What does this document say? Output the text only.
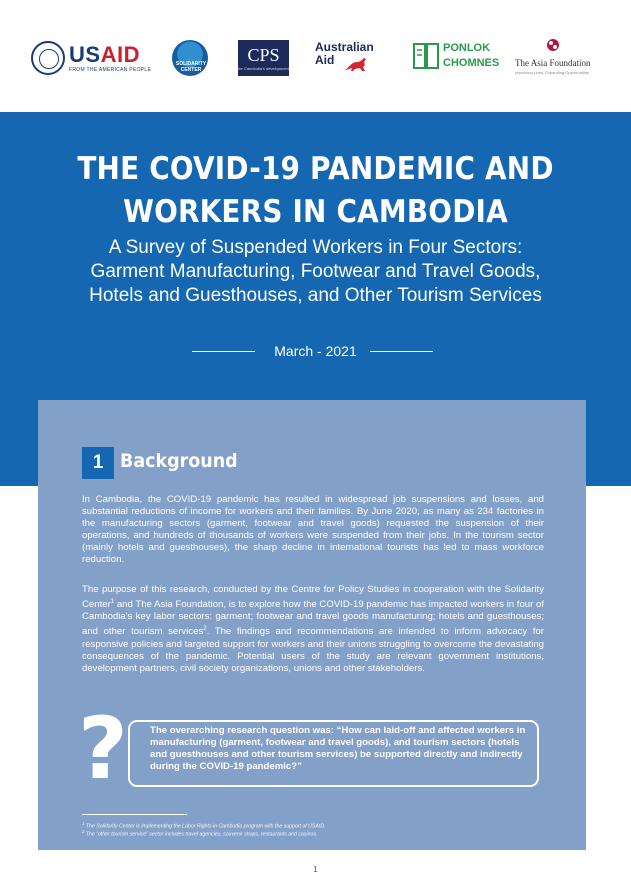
USAID
FROM THE AMERICAN PEOPLE
SOLIDARITY CENTER
CPS
for Cambodia's development
Australian
Aid
PONLOK
CHOMNES The Asia Foundation
Improving Lives, Expanding Opportunities
THE COVID-19 PANDEMIC AND
WORKERS IN CAMBODIA
A Survey of Suspended Workers in Four Sectors:
Garment Manufacturing, Footwear and Travel Goods,
Hotels and Guesthouses, and Other Tourism Services
March - 2021
1 Background

In Cambodia, the COVID-19 pandemic has resulted in widespread job suspensions and losses, and substantial reductions of income for workers and their families. By June 2020, as many as 234 factories in the manufacturing sectors (garment, footwear and travel goods) requested the suspension of their operations, and hundreds of thousands of workers were suspended from their jobs. In the tourism sector (mainly hotels and guesthouses), the sharp decline in international tourists has led to mass workforce reduction.

The purpose of this research, conducted by the Centre for Policy Studies in cooperation with the Solidarity Center$^1$ and The Asia Foundation, is to explore how the COVID-19 pandemic has impacted workers in four of Cambodia's key labor sectors: garment; footwear and travel goods manufacturing; hotels and guesthouses; and other tourism services$^2$. The findings and recommendations are intended to inform advocacy for responsive policies and targeted support for workers and their unions struggling to overcome the devastating consequences of the pandemic. Potential users of the study are relevant government institutions, development partners, civil society organizations, unions and other stakeholders.

? The overarching research question was: “How can laid-off and affected workers in manufacturing (garment, footwear and travel goods), and tourism sectors (hotels and guesthouses and other tourism services) be supported directly and indirectly during the COVID-19 pandemic?”

$^1$ The Solidarity Center is implementing the Labor Rights in Cambodia program with the support of USAID.

$^2$ The “other tourism service” sector includes travel agencies, souvenir shops, restaurants and casinos.

1
